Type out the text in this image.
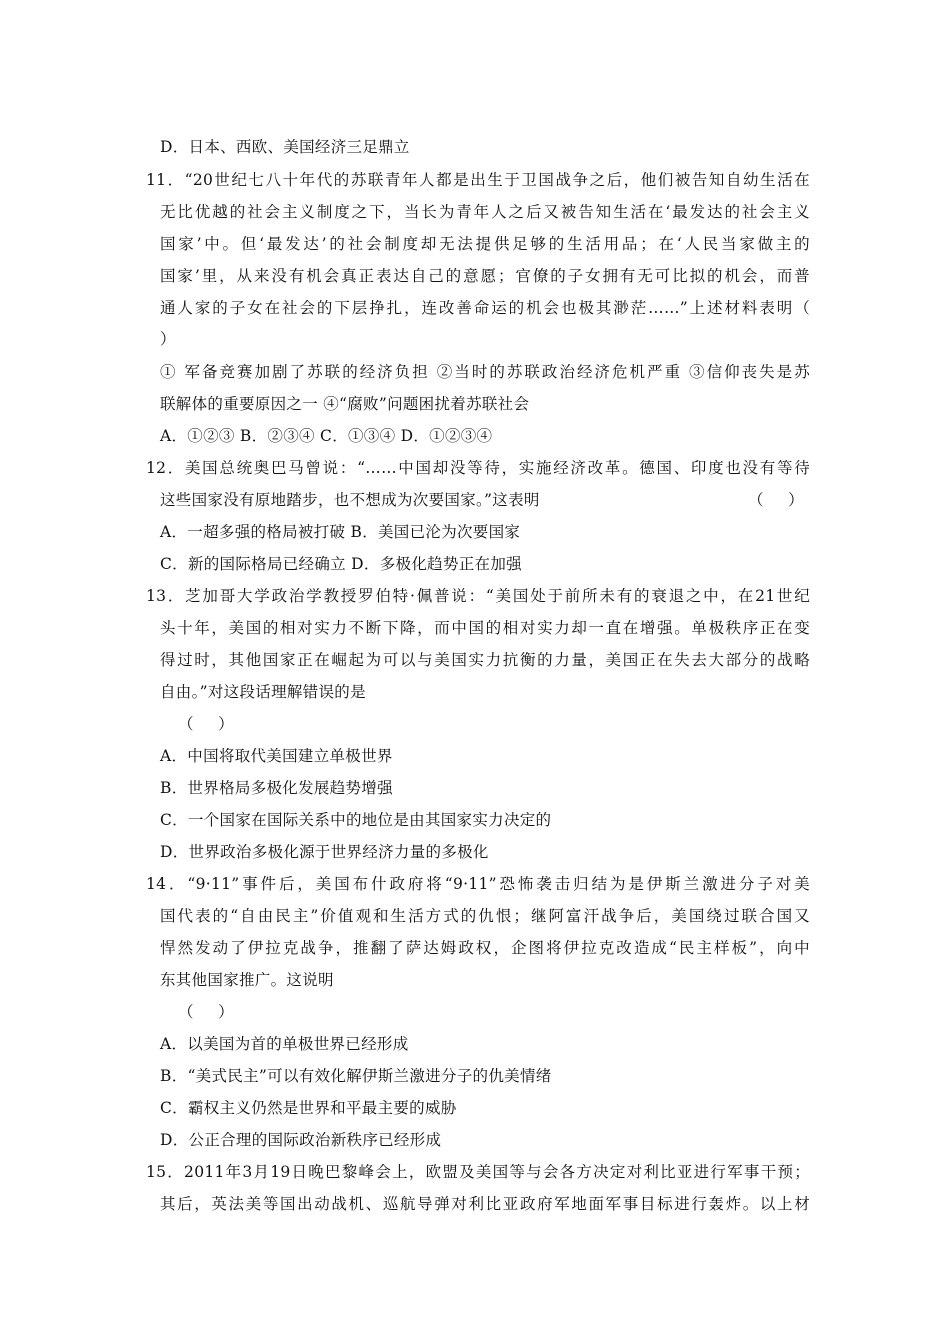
D．日本、西欧、美国经济三足鼎立
11．“20世纪七八十年代的苏联青年人都是出生于卫国战争之后，他们被告知自幼生活在
无比优越的社会主义制度之下，当长为青年人之后又被告知生活在‘最发达的社会主义
国家’中。但‘最发达’的社会制度却无法提供足够的生活用品；在‘人民当家做主的
国家’里，从来没有机会真正表达自己的意愿；官僚的子女拥有无可比拟的机会，而普
通人家的子女在社会的下层挣扎，连改善命运的机会也极其渺茫……”上述材料表明（
）
① 军备竞赛加剧了苏联的经济负担 ②当时的苏联政治经济危机严重 ③信仰丧失是苏
联解体的重要原因之一 ④“腐败”问题困扰着苏联社会
A．①②③ B．②③④ C．①③④ D．①②③④
12．美国总统奥巴马曾说：“……中国却没等待，实施经济改革。德国、印度也没有等待
这些国家没有原地踏步，也不想成为次要国家。”这表明	（     ）
A．一超多强的格局被打破 B．美国已沦为次要国家
C．新的国际格局已经确立 D．多极化趋势正在加强
13．芝加哥大学政治学教授罗伯特·佩普说：“美国处于前所未有的衰退之中，在21世纪
头十年，美国的相对实力不断下降，而中国的相对实力却一直在增强。单极秩序正在变
得过时，其他国家正在崛起为可以与美国实力抗衡的力量，美国正在失去大部分的战略
自由。”对这段话理解错误的是
（     ）
A．中国将取代美国建立单极世界
B．世界格局多极化发展趋势增强
C．一个国家在国际关系中的地位是由其国家实力决定的
D．世界政治多极化源于世界经济力量的多极化
14．“9·11”事件后，美国布什政府将“9·11”恐怖袭击归结为是伊斯兰激进分子对美
国代表的“自由民主”价值观和生活方式的仇恨；继阿富汗战争后，美国绕过联合国又
悍然发动了伊拉克战争，推翻了萨达姆政权，企图将伊拉克改造成“民主样板”，向中
东其他国家推广。这说明
（     ）
A．以美国为首的单极世界已经形成
B．“美式民主”可以有效化解伊斯兰激进分子的仇美情绪
C．霸权主义仍然是世界和平最主要的威胁
D．公正合理的国际政治新秩序已经形成
15．2011年3月19日晚巴黎峰会上，欧盟及美国等与会各方决定对利比亚进行军事干预；
其后，英法美等国出动战机、巡航导弹对利比亚政府军地面军事目标进行轰炸。以上材
